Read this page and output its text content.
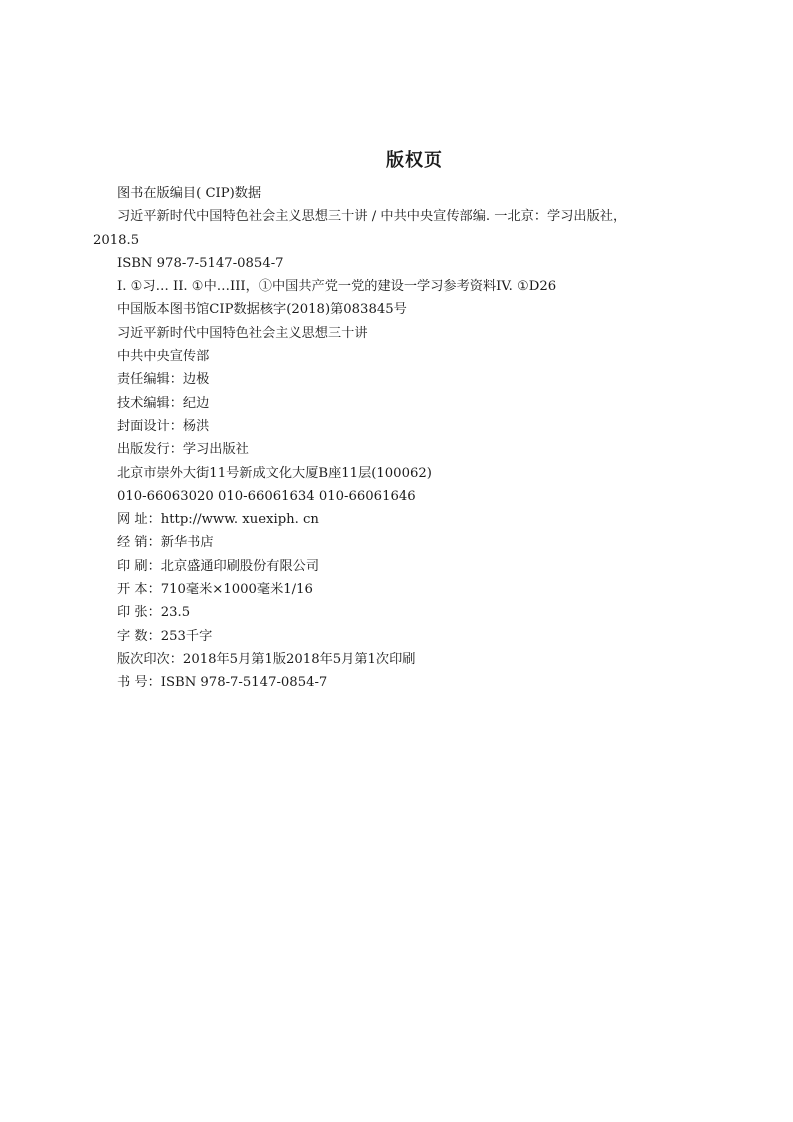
版权页
图书在版编目( CIP)数据
习近平新时代中国特色社会主义思想三十讲 / 中共中央宣传部编. 一北京：学习出版社，
2018.5
ISBN 978-7-5147-0854-7
I. ①习… II. ①中…III，①中国共产党一党的建设一学习参考资料IV. ①D26
中国版本图书馆CIP数据核字(2018)第083845号
习近平新时代中国特色社会主义思想三十讲
中共中央宣传部
责任编辑：边极
技术编辑：纪边
封面设计：杨洪
出版发行：学习出版社
北京市崇外大街11号新成文化大厦B座11层(100062)
010-66063020 010-66061634 010-66061646
网 址：http://www. xuexiph. cn
经 销：新华书店
印 刷：北京盛通印刷股份有限公司
开 本：710毫米×1000毫米1/16
印 张：23.5
字 数：253千字
版次印次：2018年5月第1版2018年5月第1次印刷
书 号：ISBN 978-7-5147-0854-7
